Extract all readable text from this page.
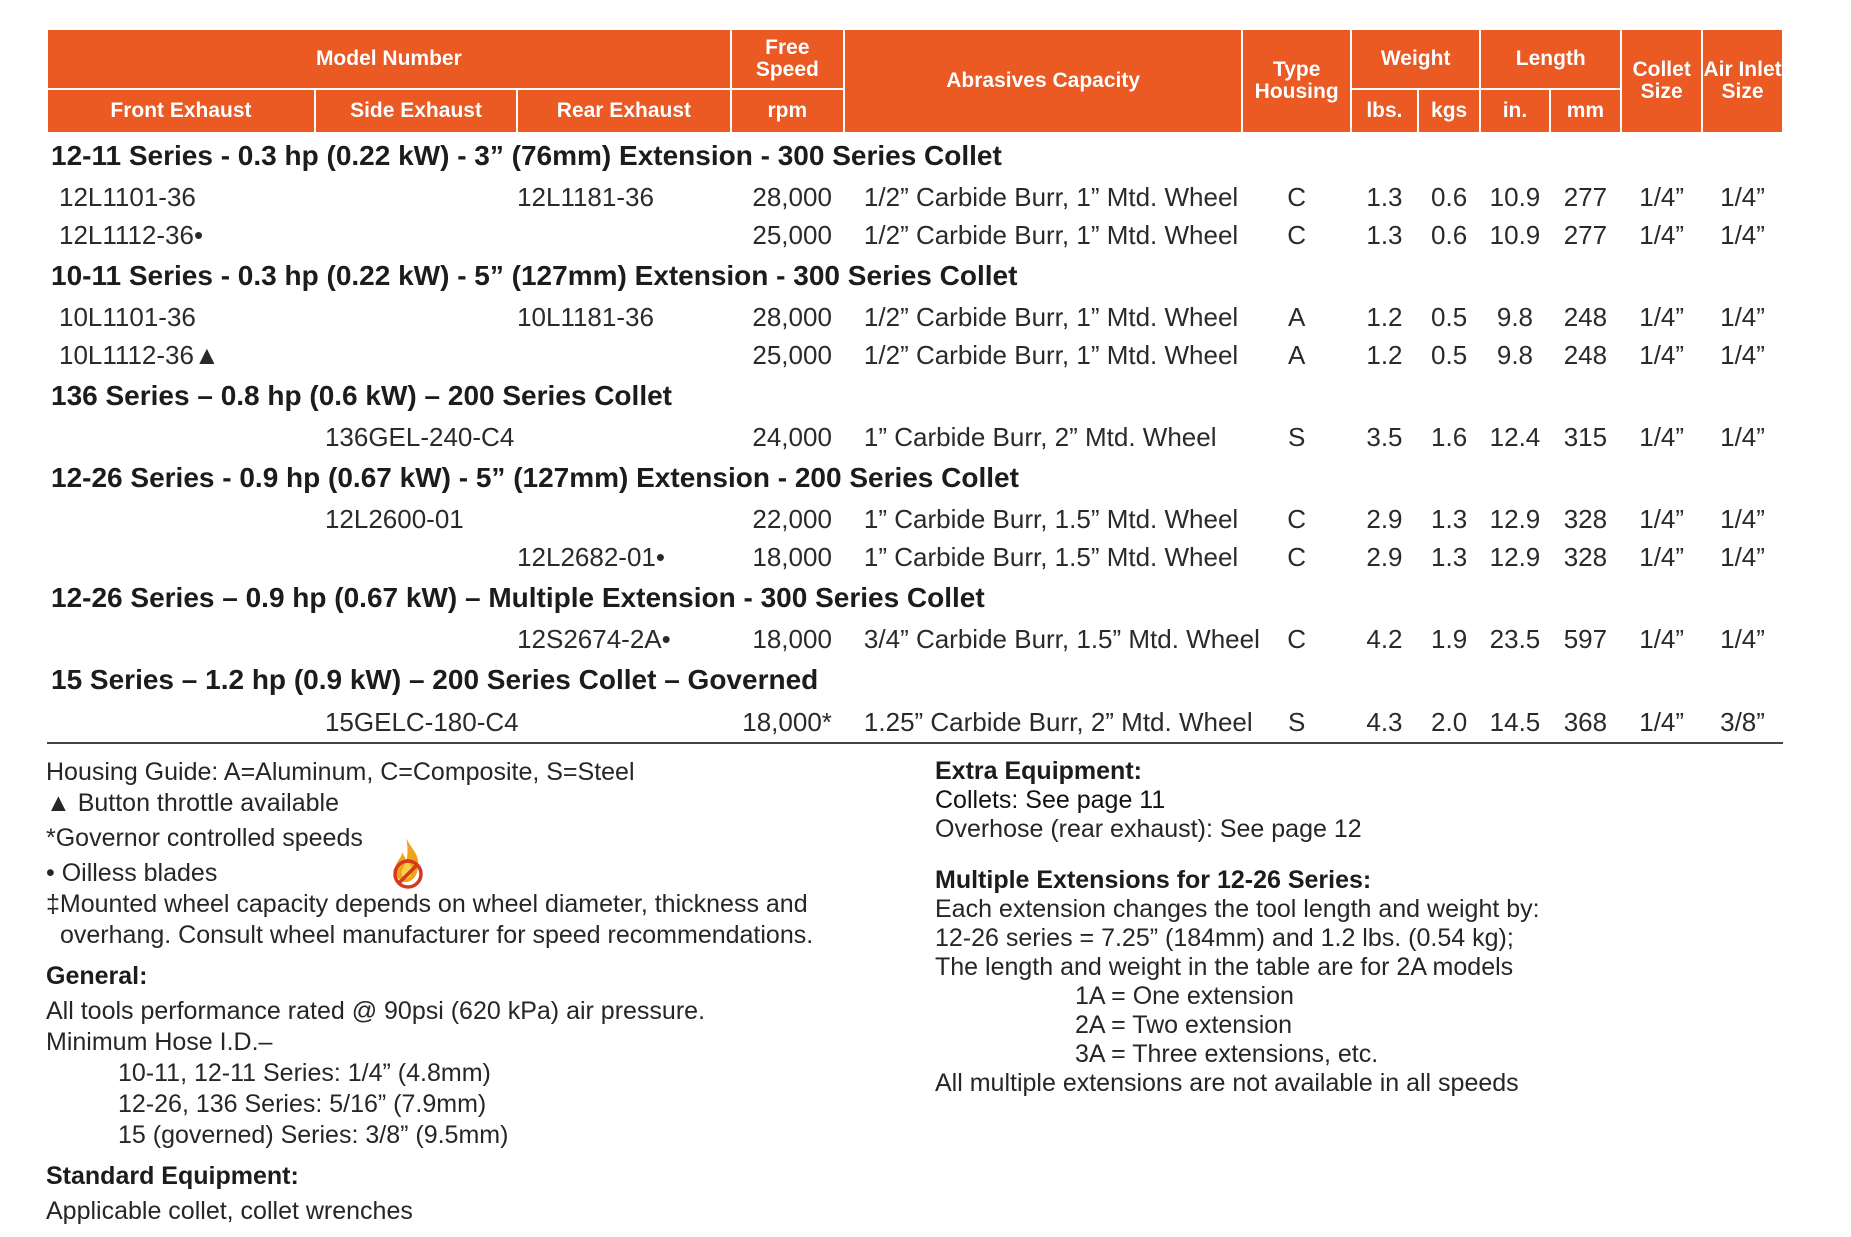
Model Number			Free Speed	Abrasives Capacity	Type Housing	Weight		Length		Collet Size	Air Inlet Size
Front Exhaust	Side Exhaust	Rear Exhaust	rpm			lbs.	kgs	in.	mm		
12-11 Series - 0.3 hp (0.22 kW) - 3” (76mm) Extension - 300 Series Collet											
12L1101-36		12L1181-36	28,000	1/2” Carbide Burr, 1” Mtd. Wheel	C	1.3	0.6	10.9	277	1/4”	1/4”
12L1112-36•			25,000	1/2” Carbide Burr, 1” Mtd. Wheel	C	1.3	0.6	10.9	277	1/4”	1/4”
10-11 Series - 0.3 hp (0.22 kW) - 5” (127mm) Extension - 300 Series Collet											
10L1101-36		10L1181-36	28,000	1/2” Carbide Burr, 1” Mtd. Wheel	A	1.2	0.5	9.8	248	1/4”	1/4”
10L1112-36▲			25,000	1/2” Carbide Burr, 1” Mtd. Wheel	A	1.2	0.5	9.8	248	1/4”	1/4”
136 Series – 0.8 hp (0.6 kW) – 200 Series Collet											
	136GEL-240-C4		24,000	1” Carbide Burr, 2” Mtd. Wheel	S	3.5	1.6	12.4	315	1/4”	1/4”
12-26 Series - 0.9 hp (0.67 kW) - 5” (127mm) Extension - 200 Series Collet											
	12L2600-01		22,000	1” Carbide Burr, 1.5” Mtd. Wheel	C	2.9	1.3	12.9	328	1/4”	1/4”
		12L2682-01•	18,000	1” Carbide Burr, 1.5” Mtd. Wheel	C	2.9	1.3	12.9	328	1/4”	1/4”
12-26 Series – 0.9 hp (0.67 kW) – Multiple Extension - 300 Series Collet											
		12S2674-2A•	18,000	3/4” Carbide Burr, 1.5” Mtd. Wheel	C	4.2	1.9	23.5	597	1/4”	1/4”
15 Series – 1.2 hp (0.9 kW) – 200 Series Collet – Governed											
	15GELC-180-C4		18,000*	1.25” Carbide Burr, 2” Mtd. Wheel	S	4.3	2.0	14.5	368	1/4”	3/8”
Housing Guide: A=Aluminum, C=Composite, S=Steel
▲ Button throttle available
*Governor controlled speeds
• Oilless blades
‡Mounted wheel capacity depends on wheel diameter, thickness and
overhang. Consult wheel manufacturer for speed recommendations.
General:
All tools performance rated @ 90psi (620 kPa) air pressure.
Minimum Hose I.D.–
10-11, 12-11 Series: 1/4” (4.8mm)
12-26, 136 Series: 5/16” (7.9mm)
15 (governed) Series: 3/8” (9.5mm)
Standard Equipment:
Applicable collet, collet wrenches
Extra Equipment:
Collets: See page 11
Overhose (rear exhaust): See page 12
Multiple Extensions for 12-26 Series:
Each extension changes the tool length and weight by:
12-26 series = 7.25” (184mm) and 1.2 lbs. (0.54 kg);
The length and weight in the table are for 2A models
1A = One extension
2A = Two extension
3A = Three extensions, etc.
All multiple extensions are not available in all speeds
